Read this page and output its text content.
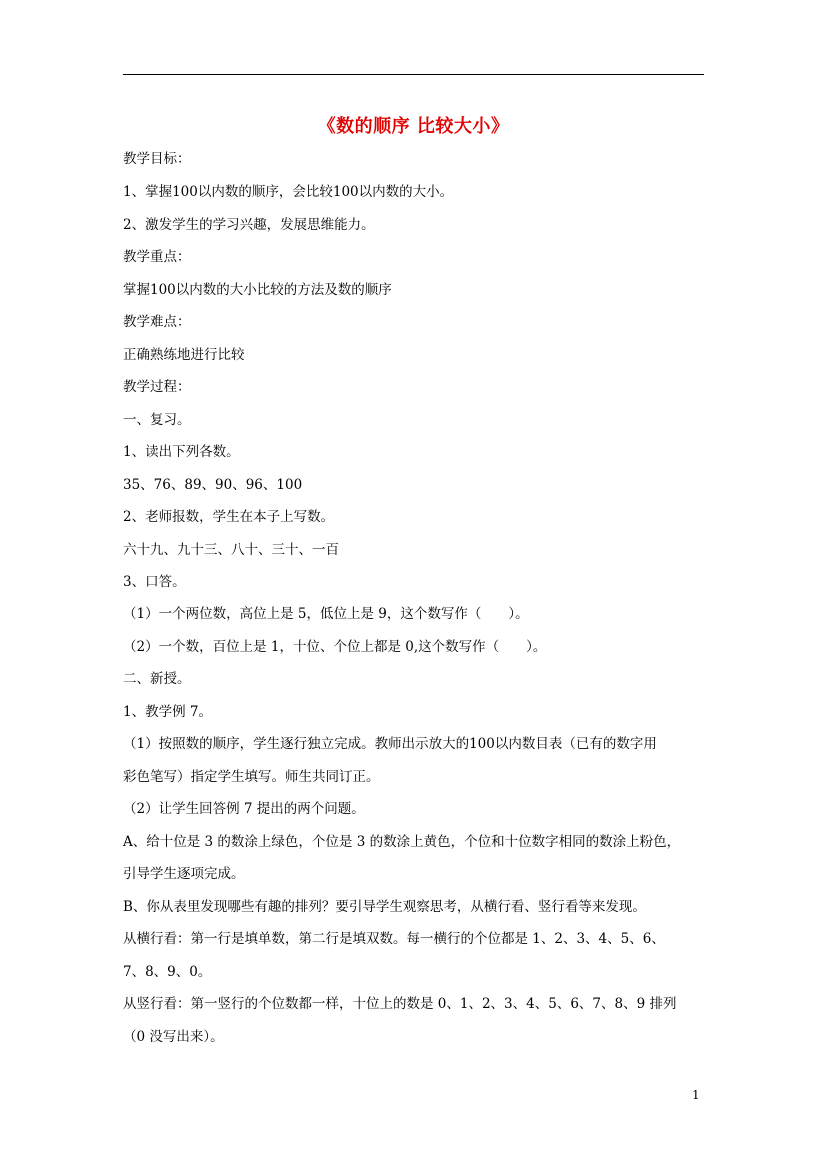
《数的顺序 比较大小》
教学目标：
1、掌握100以内数的顺序，会比较100以内数的大小。
2、激发学生的学习兴趣，发展思维能力。
教学重点：
掌握100以内数的大小比较的方法及数的顺序
教学难点：
正确熟练地进行比较
教学过程：
一、复习。
1、读出下列各数。
35、76、89、90、96、100
2、老师报数，学生在本子上写数。
六十九、九十三、八十、三十、一百
3、口答。
（1）一个两位数，高位上是 5，低位上是 9，这个数写作（　　）。
（2）一个数，百位上是 1，十位、个位上都是 0,这个数写作（　　）。
二、新授。
1、教学例 7。
（1）按照数的顺序，学生逐行独立完成。教师出示放大的100以内数目表（已有的数字用
彩色笔写）指定学生填写。师生共同订正。
（2）让学生回答例 7 提出的两个问题。
A、给十位是 3 的数涂上绿色，个位是 3 的数涂上黄色，个位和十位数字相同的数涂上粉色，
引导学生逐项完成。
B、你从表里发现哪些有趣的排列？要引导学生观察思考，从横行看、竖行看等来发现。
从横行看：第一行是填单数，第二行是填双数。每一横行的个位都是 1、2、3、4、5、6、
7、8、9、0。
从竖行看：第一竖行的个位数都一样，十位上的数是 0、1、2、3、4、5、6、7、8、9 排列
（0 没写出来）。
1
